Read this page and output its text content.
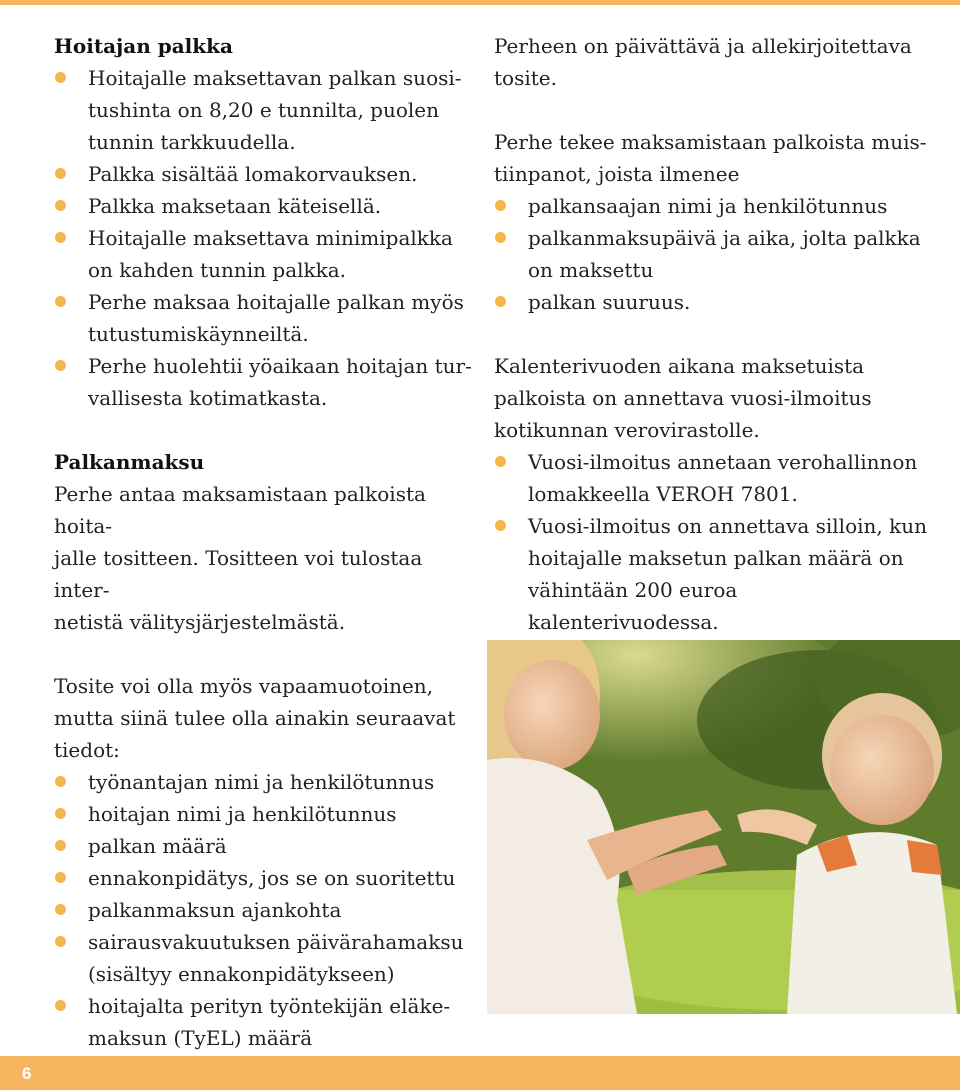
Hoitajan palkka
Hoitajalle maksettavan palkan suosi-
tushinta on 8,20 e tunnilta, puolen
tunnin tarkkuudella.
Palkka sisältää lomakorvauksen.
Palkka maksetaan käteisellä.
Hoitajalle maksettava minimipalkka
on kahden tunnin palkka.
Perhe maksaa hoitajalle palkan myös
tutustumiskäynneiltä.
Perhe huolehtii yöaikaan hoitajan tur-
vallisesta kotimatkasta.
Palkanmaksu

Perhe antaa maksamistaan palkoista hoita-
jalle tositteen. Tositteen voi tulostaa inter-
netistä välitysjärjestelmästä.

Tosite voi olla myös vapaamuotoinen,
mutta siinä tulee olla ainakin seuraavat
tiedot:

työnantajan nimi ja henkilötunnus
hoitajan nimi ja henkilötunnus
palkan määrä
ennakonpidätys, jos se on suoritettu
palkanmaksun ajankohta
sairausvakuutuksen päivärahamaksu
(sisältyy ennakonpidätykseen)
hoitajalta perityn työntekijän eläke-
maksun (TyEL) määrä

Perheen on päivättävä ja allekirjoitettava
tosite.

Perhe tekee maksamistaan palkoista muis-
tiinpanot, joista ilmenee

palkansaajan nimi ja henkilötunnus
palkanmaksupäivä ja aika, jolta palkka
on maksettu
palkan suuruus.

Kalenterivuoden aikana maksetuista
palkoista on annettava vuosi-ilmoitus
kotikunnan verovirastolle.

Vuosi-ilmoitus annetaan verohallinnon
lomakkeella VEROH 7801.
Vuosi-ilmoitus on annettava silloin, kun
hoitajalle maksetun palkan määrä on
vähintään 200 euroa kalenterivuodessa.
6
